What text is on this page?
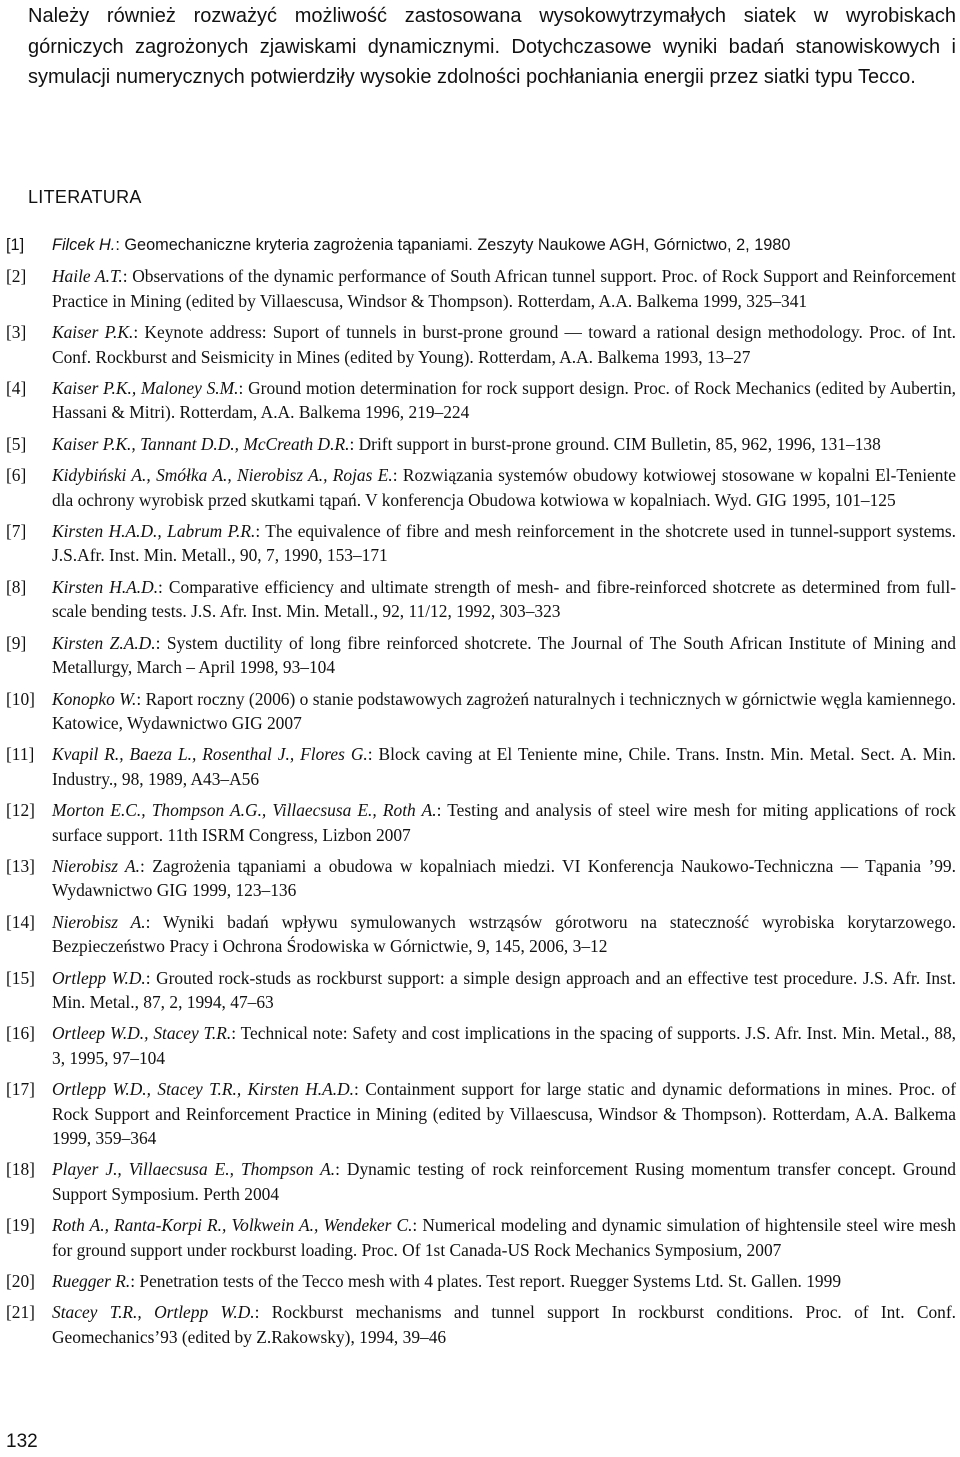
Należy również rozważyć możliwość zastosowana wysokowytrzymałych siatek w wyrobiskach górniczych zagrożonych zjawiskami dynamicznymi. Dotychczasowe wyniki badań stanowiskowych i symulacji numerycznych potwierdziły wysokie zdolności pochłaniania energii przez siatki typu Tecco.

LITERATURA
[1] Filcek H.: Geomechaniczne kryteria zagrożenia tąpaniami. Zeszyty Naukowe AGH, Górnictwo, 2, 1980
[2] Haile A.T.: Observations of the dynamic performance of South African tunnel support. Proc. of Rock Support and Reinforcement Practice in Mining (edited by Villaescusa, Windsor & Thompson). Rotterdam, A.A. Balkema 1999, 325–341
[3] Kaiser P.K.: Keynote address: Suport of tunnels in burst-prone ground — toward a rational design methodology. Proc. of Int. Conf. Rockburst and Seismicity in Mines (edited by Young). Rotterdam, A.A. Balkema 1993, 13–27
[4] Kaiser P.K., Maloney S.M.: Ground motion determination for rock support design. Proc. of Rock Mechanics (edited by Aubertin, Hassani & Mitri). Rotterdam, A.A. Balkema 1996, 219–224
[5] Kaiser P.K., Tannant D.D., McCreath D.R.: Drift support in burst-prone ground. CIM Bulletin, 85, 962, 1996, 131–138
[6] Kidybiński A., Smółka A., Nierobisz A., Rojas E.: Rozwiązania systemów obudowy kotwiowej stosowane w kopalni El-Teniente dla ochrony wyrobisk przed skutkami tąpań. V konferencja Obudowa kotwiowa w kopalniach. Wyd. GIG 1995, 101–125
[7] Kirsten H.A.D., Labrum P.R.: The equivalence of fibre and mesh reinforcement in the shotcrete used in tunnel-support systems. J.S.Afr. Inst. Min. Metall., 90, 7, 1990, 153–171
[8] Kirsten H.A.D.: Comparative efficiency and ultimate strength of mesh- and fibre-reinforced shotcrete as determined from full-scale bending tests. J.S. Afr. Inst. Min. Metall., 92, 11/12, 1992, 303–323
[9] Kirsten Z.A.D.: System ductility of long fibre reinforced shotcrete. The Journal of The South African Institute of Mining and Metallurgy, March – April 1998, 93–104
[10] Konopko W.: Raport roczny (2006) o stanie podstawowych zagrożeń naturalnych i technicznych w górnictwie węgla kamiennego. Katowice, Wydawnictwo GIG 2007
[11] Kvapil R., Baeza L., Rosenthal J., Flores G.: Block caving at El Teniente mine, Chile. Trans. Instn. Min. Metal. Sect. A. Min. Industry., 98, 1989, A43–A56
[12] Morton E.C., Thompson A.G., Villaecsusa E., Roth A.: Testing and analysis of steel wire mesh for miting applications of rock surface support. 11th ISRM Congress, Lizbon 2007
[13] Nierobisz A.: Zagrożenia tąpaniami a obudowa w kopalniach miedzi. VI Konferencja Naukowo-Techniczna — Tąpania ’99. Wydawnictwo GIG 1999, 123–136
[14] Nierobisz A.: Wyniki badań wpływu symulowanych wstrząsów górotworu na stateczność wyrobiska korytarzowego. Bezpieczeństwo Pracy i Ochrona Środowiska w Górnictwie, 9, 145, 2006, 3–12
[15] Ortlepp W.D.: Grouted rock-studs as rockburst support: a simple design approach and an effective test procedure. J.S. Afr. Inst. Min. Metal., 87, 2, 1994, 47–63
[16] Ortleep W.D., Stacey T.R.: Technical note: Safety and cost implications in the spacing of supports. J.S. Afr. Inst. Min. Metal., 88, 3, 1995, 97–104
[17] Ortlepp W.D., Stacey T.R., Kirsten H.A.D.: Containment support for large static and dynamic deformations in mines. Proc. of Rock Support and Reinforcement Practice in Mining (edited by Villaescusa, Windsor & Thompson). Rotterdam, A.A. Balkema 1999, 359–364
[18] Player J., Villaecsusa E., Thompson A.: Dynamic testing of rock reinforcement Rusing momentum transfer concept. Ground Support Symposium. Perth 2004
[19] Roth A., Ranta-Korpi R., Volkwein A., Wendeker C.: Numerical modeling and dynamic simulation of hightensile steel wire mesh for ground support under rockburst loading. Proc. Of 1st Canada-US Rock Mechanics Symposium, 2007
[20] Ruegger R.: Penetration tests of the Tecco mesh with 4 plates. Test report. Ruegger Systems Ltd. St. Gallen. 1999
[21] Stacey T.R., Ortlepp W.D.: Rockburst mechanisms and tunnel support In rockburst conditions. Proc. of Int. Conf. Geomechanics’93 (edited by Z.Rakowsky), 1994, 39–46
132
